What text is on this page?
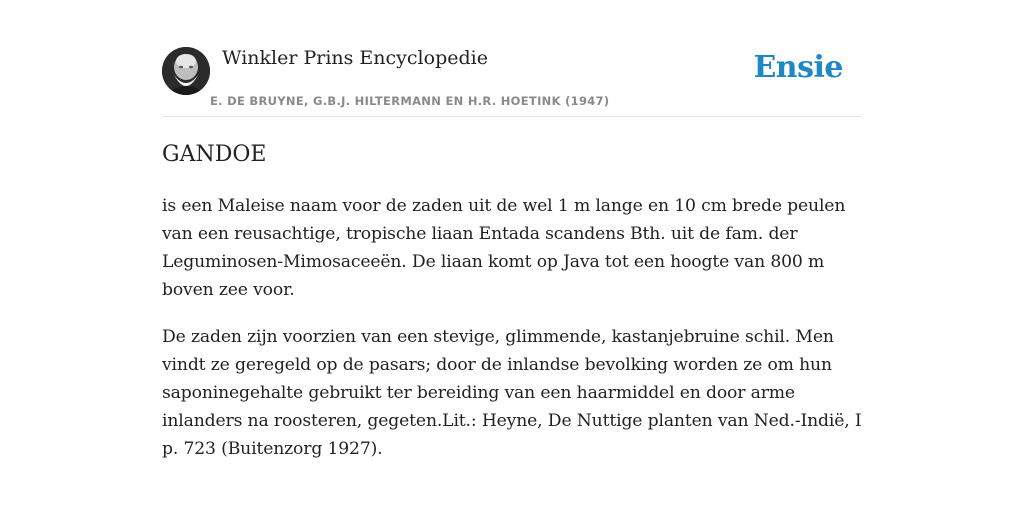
Winkler Prins Encyclopedie
E. DE BRUYNE, G.B.J. HILTERMANN EN H.R. HOETINK (1947)
Ensie
GANDOE

is een Maleise naam voor de zaden uit de wel 1 m lange en 10 cm brede peulen van een reusachtige, tropische liaan Entada scandens Bth. uit de fam. der Leguminosen-Mimosaceeën. De liaan komt op Java tot een hoogte van 800 m boven zee voor.

De zaden zijn voorzien van een stevige, glimmende, kastanjebruine schil. Men vindt ze geregeld op de pasars; door de inlandse bevolking worden ze om hun saponinegehalte gebruikt ter bereiding van een haarmiddel en door arme inlanders na roosteren, gegeten.Lit.: Heyne, De Nuttige planten van Ned.-Indië, I p. 723 (Buitenzorg 1927).
